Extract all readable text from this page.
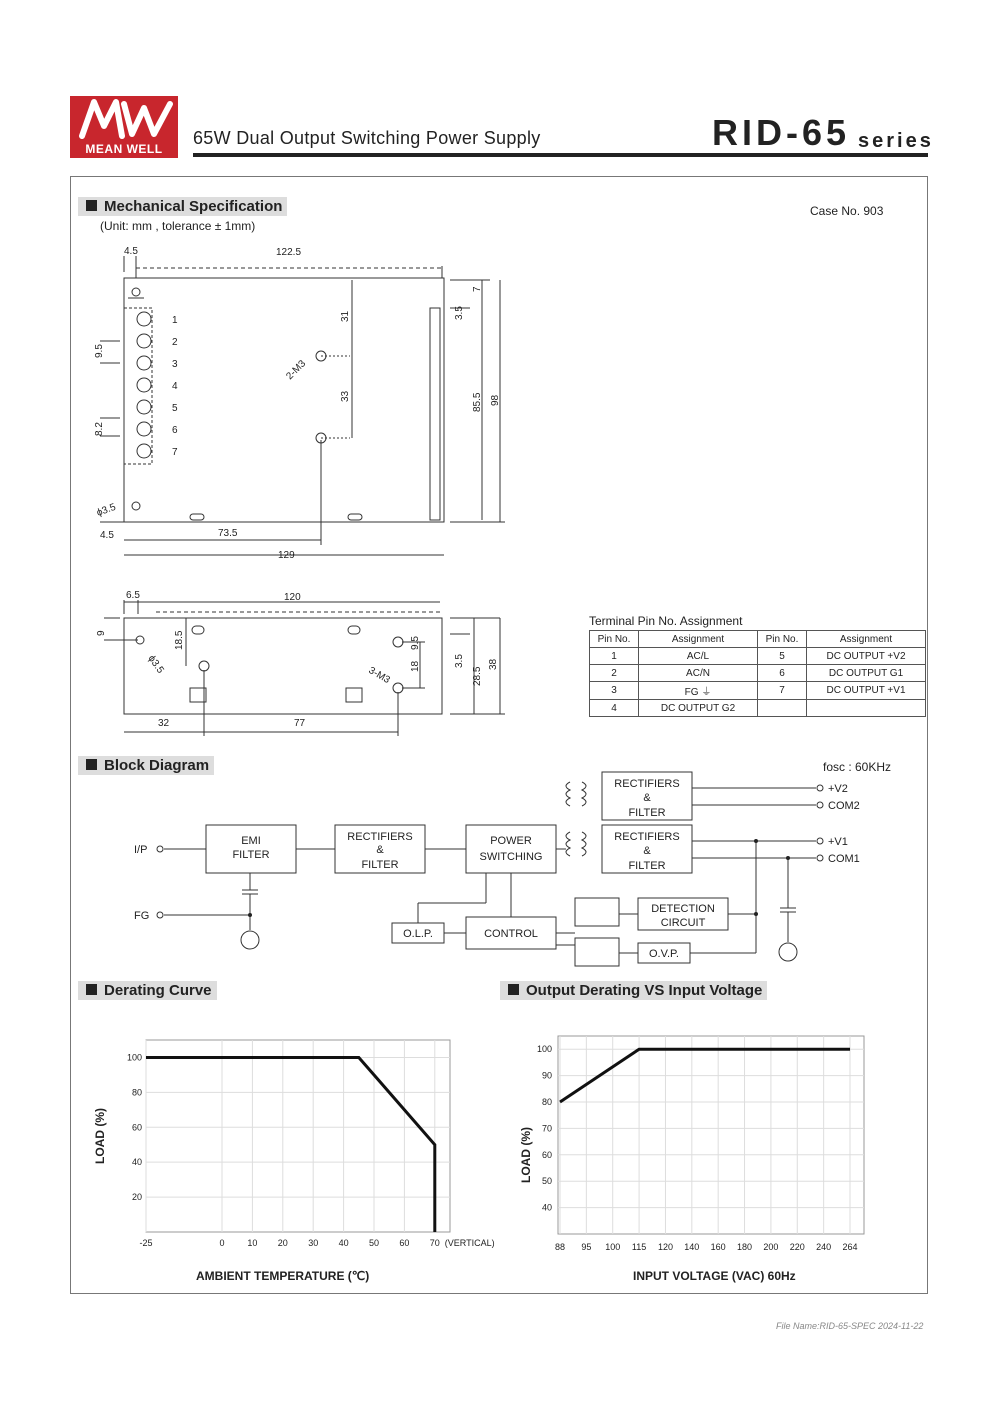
MEAN WELL
65W Dual Output Switching Power Supply	RID-65 series
Mechanical Specification
(Unit: mm , tolerance ± 1mm)
Case No. 903
4.5	122.5
9.5
8.2
31
33
2-M3
3.5
7
85.5 98
ϕ3.5
4.5	73.5
129
1
2
3
4
5
6
7
6.5	120
9	18.5
ϕ3.5
9.5
18
3-M3
3.5
28.5
38
32	77
Terminal Pin No. Assignment
Pin No.	Assignment	Pin No.	Assignment
1	AC/L	5	DC OUTPUT +V2
2	AC/N	6	DC OUTPUT G1
3	FG ⏚	7	DC OUTPUT +V1
4	DC OUTPUT G2		
Block Diagram	fosc : 60KHz
I/P
FG
EMI
FILTER
RECTIFIERS
&
FILTER
POWER
SWITCHING
RECTIFIERS
&
FILTER
RECTIFIERS
&
FILTER
DETECTION
CIRCUIT
CONTROL
O.L.P.
O.V.P.
+V2
COM2
+V1
COM1
Derating Curve	Output Derating VS Input Voltage
-25	0	10 20 30 40 50 60 70
20
40
60
80
100
(VERTICAL)
AMBIENT TEMPERATURE (℃)
LOAD (%)
88 95 100 115 120 140 160 180 200 220 240 264
40
50
60
70
80
90
100
INPUT VOLTAGE (VAC) 60Hz
LOAD (%)
File Name:RID-65-SPEC 2024-11-22
